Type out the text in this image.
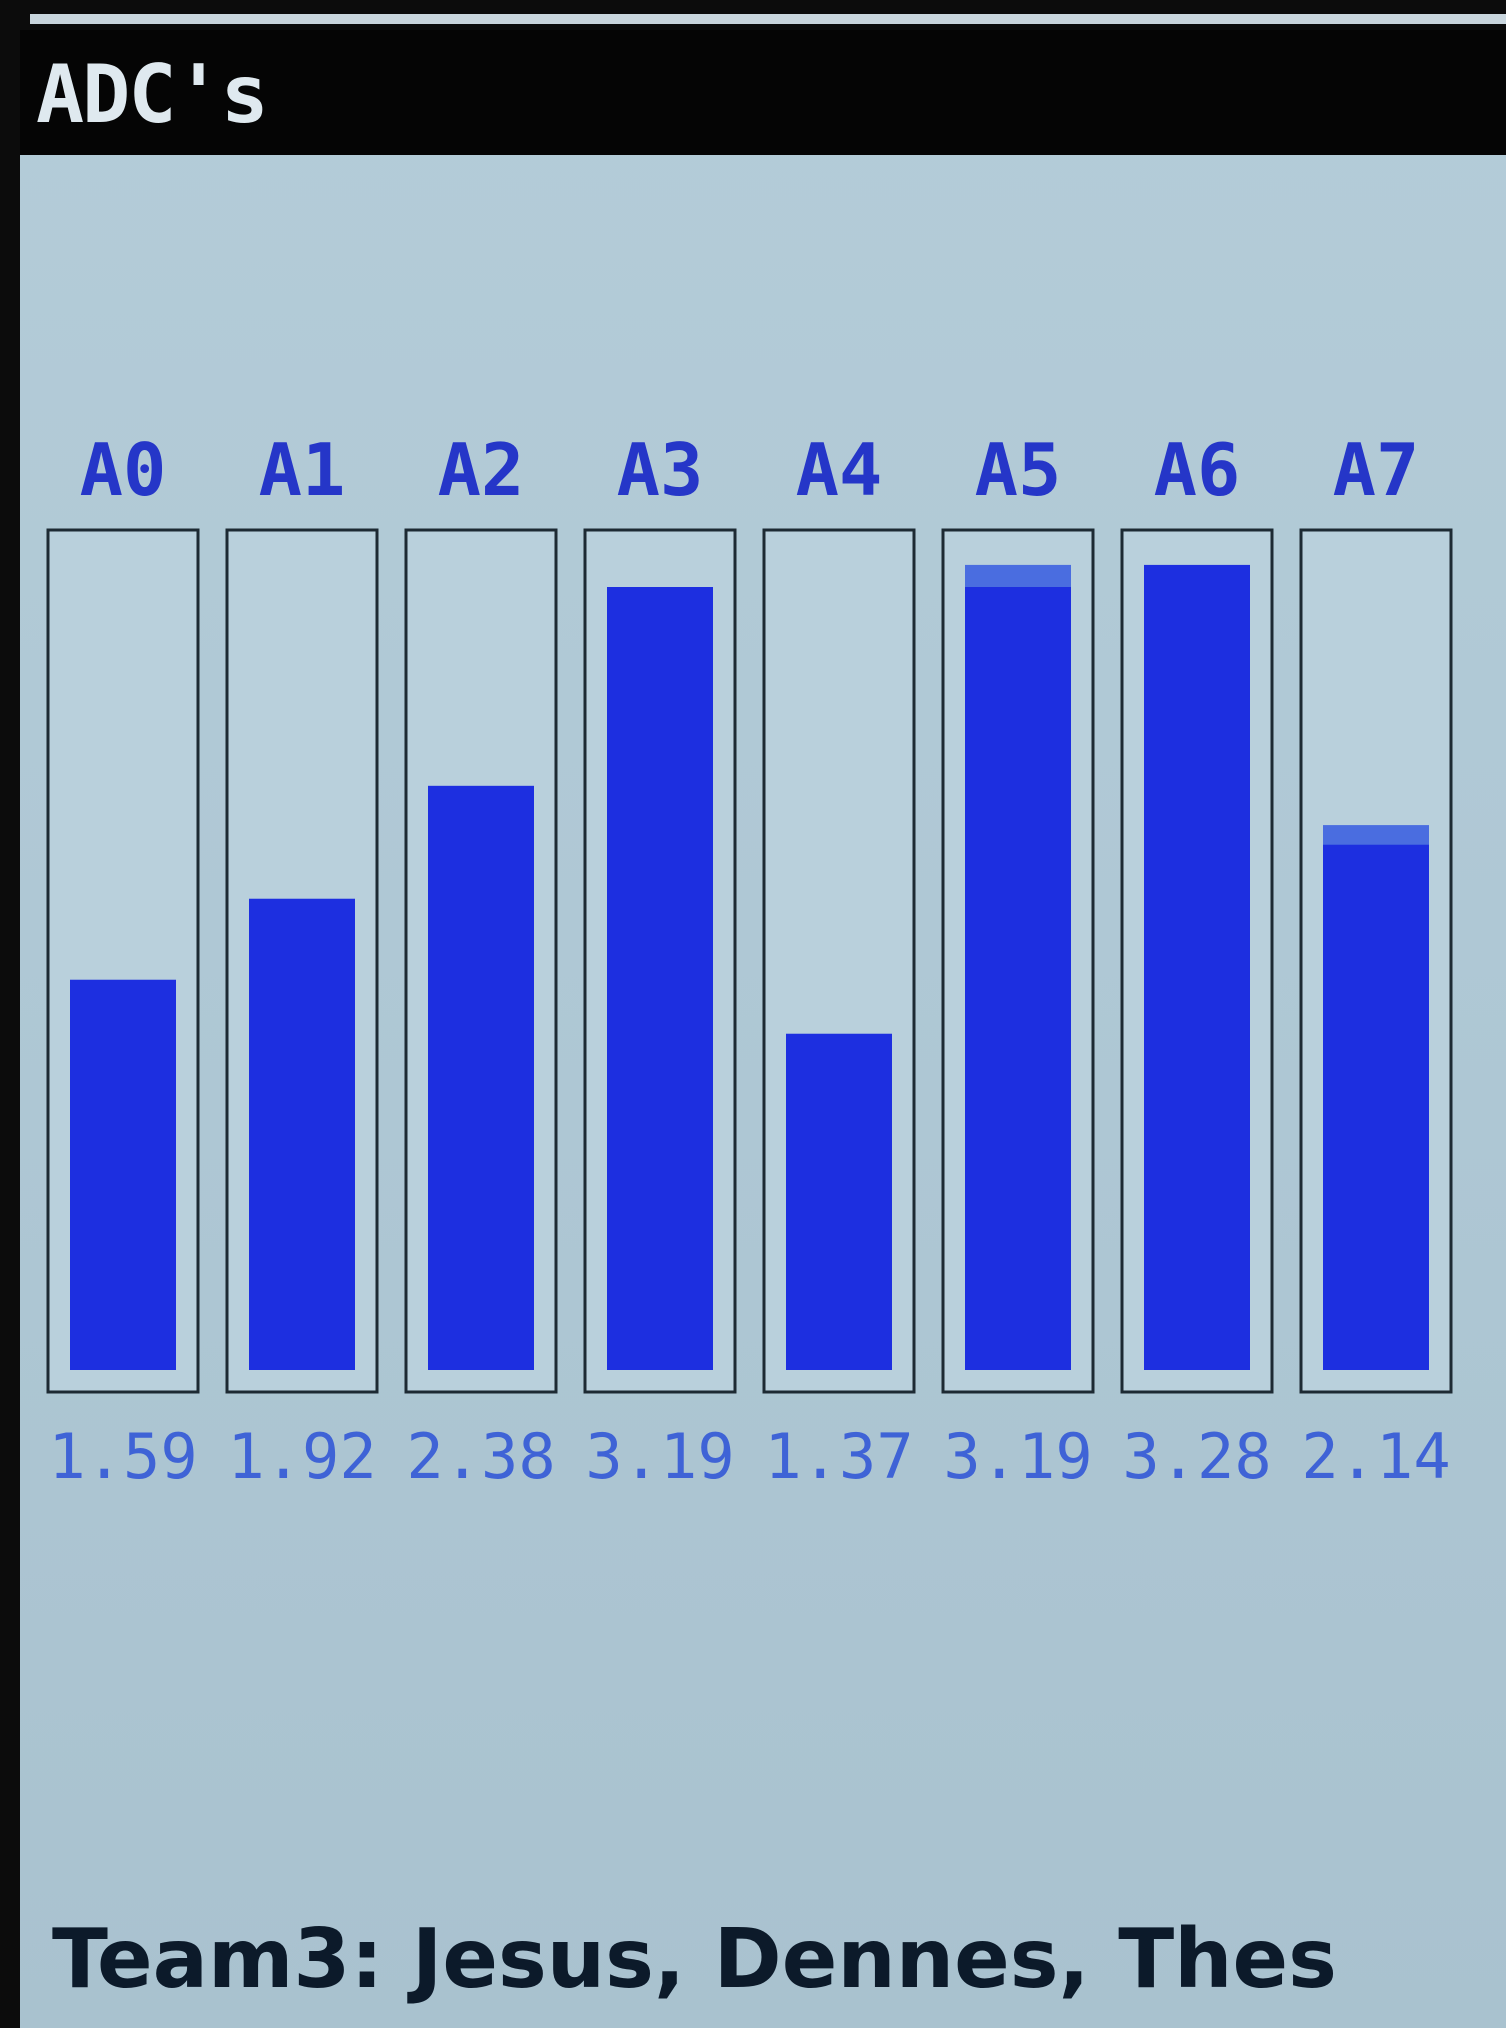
ADC's
A0
1.59
A1
1.92
A2
2.38
A3
3.19
A4
1.37
A5
3.19
A6
3.28
A7
2.14
Team3: Jesus, Dennes, Thes
